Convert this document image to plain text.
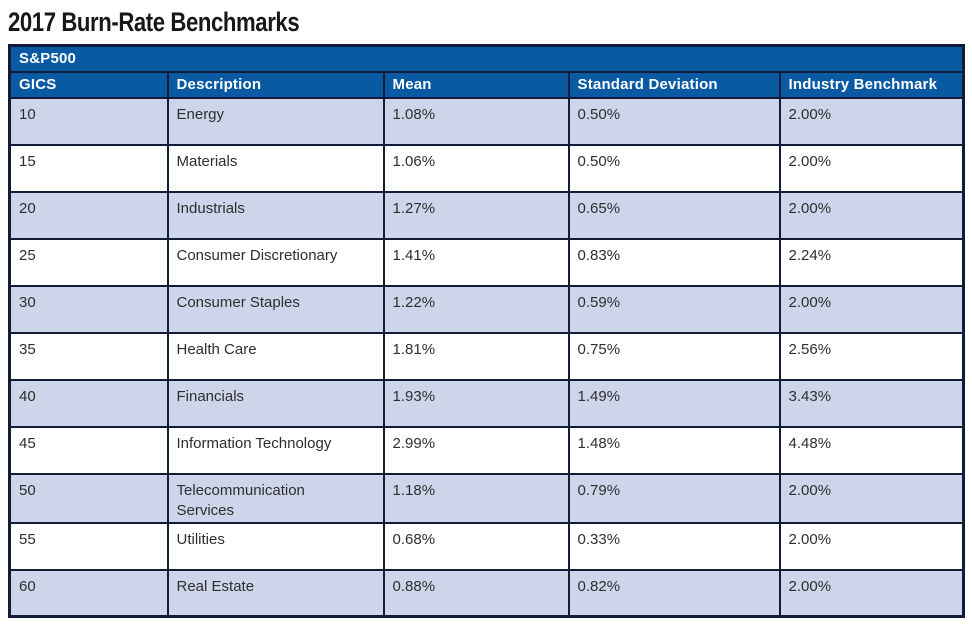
2017 Burn-Rate Benchmarks
S&P500				
GICS	Description	Mean	Standard Deviation	Industry Benchmark
10	Energy	1.08%	0.50%	2.00%
15	Materials	1.06%	0.50%	2.00%
20	Industrials	1.27%	0.65%	2.00%
25	Consumer Discretionary	1.41%	0.83%	2.24%
30	Consumer Staples	1.22%	0.59%	2.00%
35	Health Care	1.81%	0.75%	2.56%
40	Financials	1.93%	1.49%	3.43%
45	Information Technology	2.99%	1.48%	4.48%
50	Telecommunication Services	1.18%	0.79%	2.00%
55	Utilities	0.68%	0.33%	2.00%
60	Real Estate	0.88%	0.82%	2.00%
